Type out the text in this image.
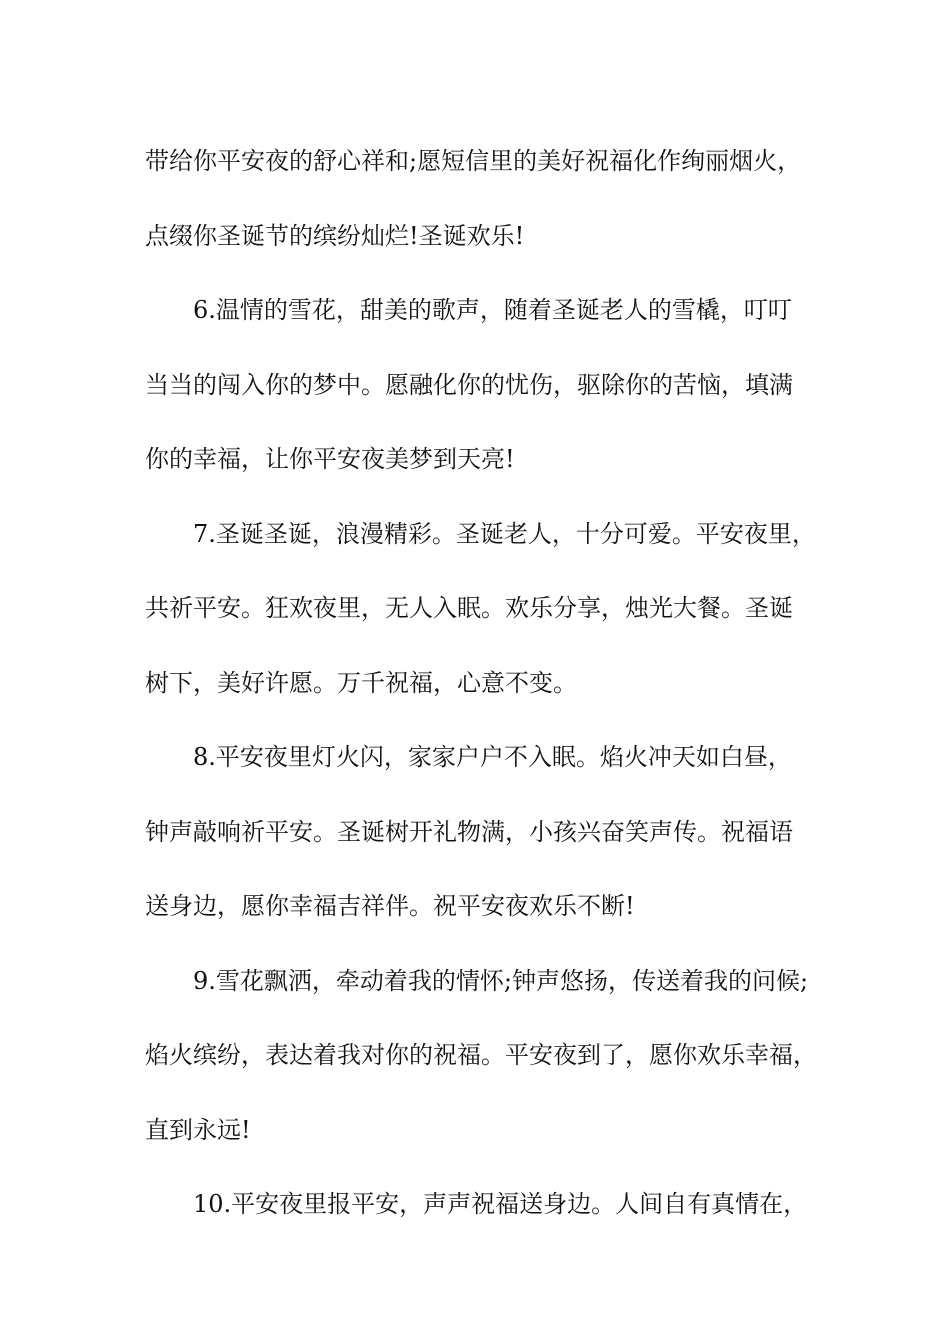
带给你平安夜的舒心祥和;愿短信里的美好祝福化作绚丽烟火，
点缀你圣诞节的缤纷灿烂!圣诞欢乐!
6.温情的雪花，甜美的歌声，随着圣诞老人的雪橇，叮叮
当当的闯入你的梦中。愿融化你的忧伤，驱除你的苦恼，填满
你的幸福，让你平安夜美梦到天亮!
7.圣诞圣诞，浪漫精彩。圣诞老人，十分可爱。平安夜里，
共祈平安。狂欢夜里，无人入眠。欢乐分享，烛光大餐。圣诞
树下，美好许愿。万千祝福，心意不变。
8.平安夜里灯火闪，家家户户不入眠。焰火冲天如白昼，
钟声敲响祈平安。圣诞树开礼物满，小孩兴奋笑声传。祝福语
送身边，愿你幸福吉祥伴。祝平安夜欢乐不断!
9.雪花飘洒，牵动着我的情怀;钟声悠扬，传送着我的问候;
焰火缤纷，表达着我对你的祝福。平安夜到了，愿你欢乐幸福，
直到永远!
10.平安夜里报平安，声声祝福送身边。人间自有真情在，
